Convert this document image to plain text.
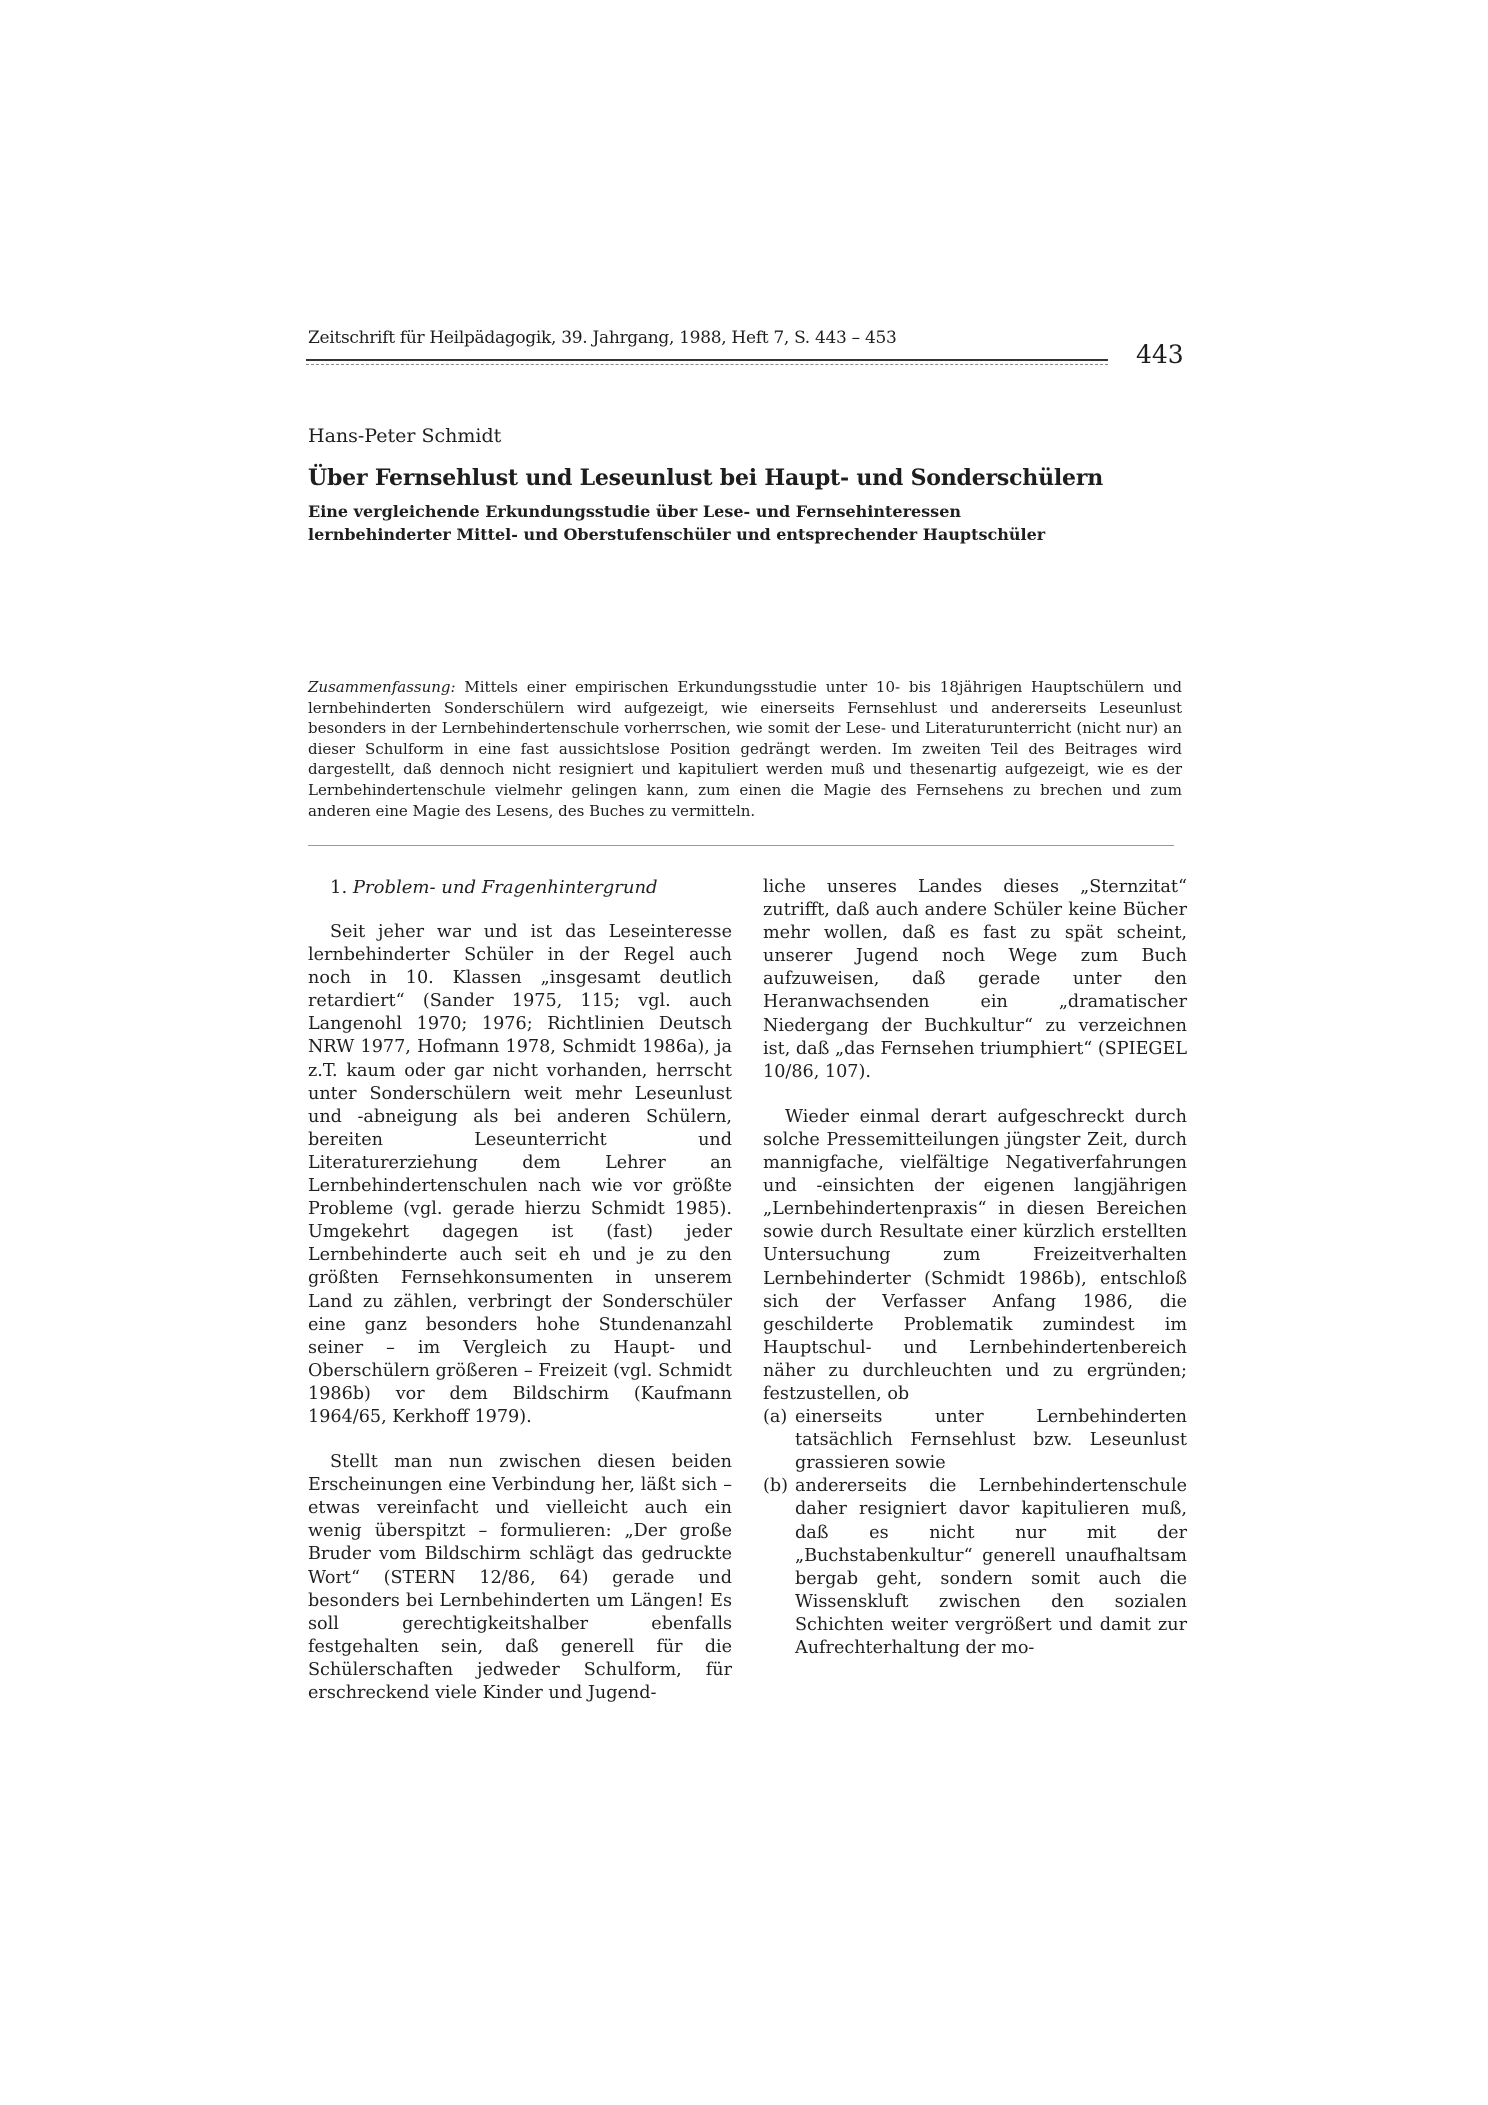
Zeitschrift für Heilpädagogik, 39. Jahrgang, 1988, Heft 7, S. 443 – 453
443
Hans-Peter Schmidt
Über Fernsehlust und Leseunlust bei Haupt- und Sonderschülern
Eine vergleichende Erkundungsstudie über Lese- und Fernsehinteressen
lernbehinderter Mittel- und Oberstufenschüler und entsprechender Hauptschüler
Zusammenfassung: Mittels einer empirischen Erkundungsstudie unter 10- bis 18jährigen Hauptschülern und lernbehinderten Sonderschülern wird aufgezeigt, wie einerseits Fernsehlust und andererseits Leseunlust besonders in der Lernbehindertenschule vorherrschen, wie somit der Lese- und Literaturunterricht (nicht nur) an dieser Schulform in eine fast aussichtslose Position gedrängt werden. Im zweiten Teil des Beitrages wird dargestellt, daß dennoch nicht resigniert und kapituliert werden muß und thesenartig aufgezeigt, wie es der Lernbehindertenschule vielmehr gelingen kann, zum einen die Magie des Fernsehens zu brechen und zum anderen eine Magie des Lesens, des Buches zu vermitteln.

1. Problem- und Fragenhintergrund

Seit jeher war und ist das Leseinteresse lernbehinderter Schüler in der Regel auch noch in 10. Klassen „insgesamt deutlich retardiert“ (Sander 1975, 115; vgl. auch Langenohl 1970; 1976; Richtlinien Deutsch NRW 1977, Hofmann 1978, Schmidt 1986a), ja z.T. kaum oder gar nicht vorhanden, herrscht unter Sonderschülern weit mehr Leseunlust und -abneigung als bei anderen Schülern, bereiten Leseunterricht und Literaturerziehung dem Lehrer an Lernbehindertenschulen nach wie vor größte Probleme (vgl. gerade hierzu Schmidt 1985). Umgekehrt dagegen ist (fast) jeder Lernbehinderte auch seit eh und je zu den größten Fernsehkonsumenten in unserem Land zu zählen, verbringt der Sonderschüler eine ganz besonders hohe Stundenanzahl seiner – im Vergleich zu Haupt- und Oberschülern größeren – Freizeit (vgl. Schmidt 1986b) vor dem Bildschirm (Kaufmann 1964/65, Kerkhoff 1979).

Stellt man nun zwischen diesen beiden Erscheinungen eine Verbindung her, läßt sich – etwas vereinfacht und vielleicht auch ein wenig überspitzt – formulieren: „Der große Bruder vom Bildschirm schlägt das gedruckte Wort“ (STERN 12/86, 64) gerade und besonders bei Lernbehinderten um Längen! Es soll gerechtigkeitshalber ebenfalls festgehalten sein, daß generell für die Schülerschaften jedweder Schulform, für erschreckend viele Kinder und Jugend-

liche unseres Landes dieses „Sternzitat“ zutrifft, daß auch andere Schüler keine Bücher mehr wollen, daß es fast zu spät scheint, unserer Jugend noch Wege zum Buch aufzuweisen, daß gerade unter den Heranwachsenden ein „dramatischer Niedergang der Buchkultur“ zu verzeichnen ist, daß „das Fernsehen triumphiert“ (SPIEGEL 10/86, 107).

Wieder einmal derart aufgeschreckt durch solche Pressemitteilungen jüngster Zeit, durch mannigfache, vielfältige Negativerfahrungen und -einsichten der eigenen langjährigen „Lernbehindertenpraxis“ in diesen Bereichen sowie durch Resultate einer kürzlich erstellten Untersuchung zum Freizeitverhalten Lernbehinderter (Schmidt 1986b), entschloß sich der Verfasser Anfang 1986, die geschilderte Problematik zumindest im Hauptschul- und Lernbehindertenbereich näher zu durchleuchten und zu ergründen; festzustellen, ob

(a) einerseits unter Lernbehinderten tatsächlich Fernsehlust bzw. Leseunlust grassieren sowie
(b) andererseits die Lernbehindertenschule daher resigniert davor kapitulieren muß, daß es nicht nur mit der „Buchstabenkultur“ generell unaufhaltsam bergab geht, sondern somit auch die Wissenskluft zwischen den sozialen Schichten weiter vergrößert und damit zur Aufrechterhaltung der mo-
